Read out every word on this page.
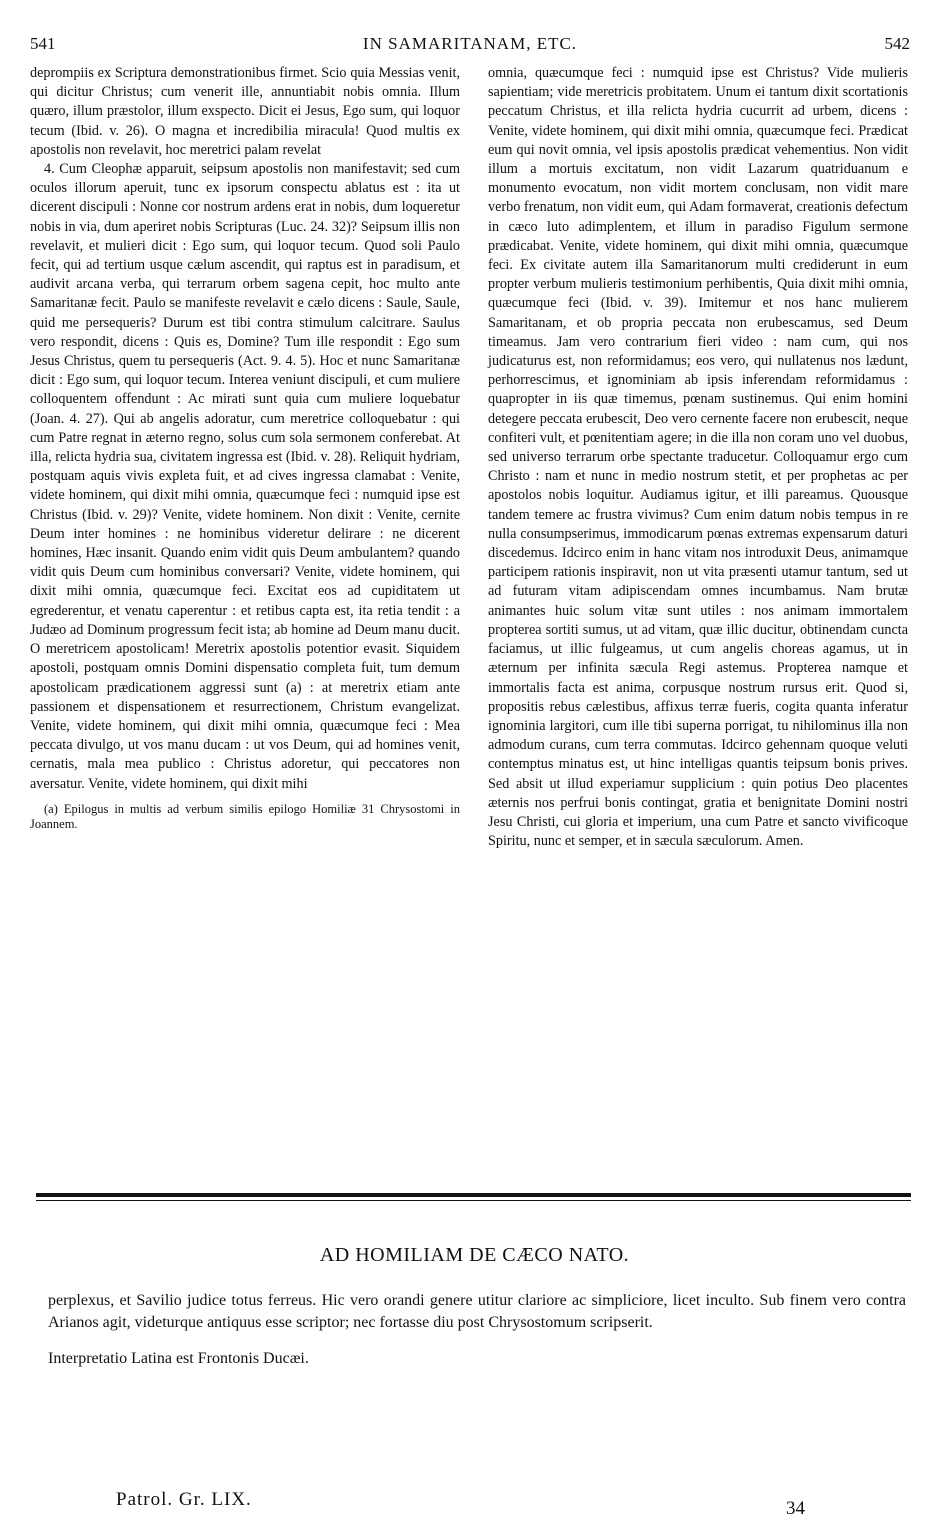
541	IN SAMARITANAM, ETC.	542

deprompiis ex Scriptura demonstrationibus firmet. Scio quia Messias venit, qui dicitur Christus; cum venerit ille, annuntiabit nobis omnia. Illum quæro, illum præstolor, illum exspecto. Dicit ei Jesus, Ego sum, qui loquor tecum (Ibid. v. 26). O magna et incredibilia miracula! Quod multis ex apostolis non revelavit, hoc meretrici palam revelat

4. Cum Cleophæ apparuit, seipsum apostolis non manifestavit; sed cum oculos illorum aperuit, tunc ex ipsorum conspectu ablatus est : ita ut dicerent discipuli : Nonne cor nostrum ardens erat in nobis, dum loqueretur nobis in via, dum aperiret nobis Scripturas (Luc. 24. 32)? Seipsum illis non revelavit, et mulieri dicit : Ego sum, qui loquor tecum. Quod soli Paulo fecit, qui ad tertium usque cælum ascendit, qui raptus est in paradisum, et audivit arcana verba, qui terrarum orbem sagena cepit, hoc multo ante Samaritanæ fecit. Paulo se manifeste revelavit e cælo dicens : Saule, Saule, quid me persequeris? Durum est tibi contra stimulum calcitrare. Saulus vero respondit, dicens : Quis es, Domine? Tum ille respondit : Ego sum Jesus Christus, quem tu persequeris (Act. 9. 4. 5). Hoc et nunc Samaritanæ dicit : Ego sum, qui loquor tecum. Interea veniunt discipuli, et cum muliere colloquentem offendunt : Ac mirati sunt quia cum muliere loquebatur (Joan. 4. 27). Qui ab angelis adoratur, cum meretrice colloquebatur : qui cum Patre regnat in æterno regno, solus cum sola sermonem conferebat. At illa, relicta hydria sua, civitatem ingressa est (Ibid. v. 28). Reliquit hydriam, postquam aquis vivis expleta fuit, et ad cives ingressa clamabat : Venite, videte hominem, qui dixit mihi omnia, quæcumque feci : numquid ipse est Christus (Ibid. v. 29)? Venite, videte hominem. Non dixit : Venite, cernite Deum inter homines : ne hominibus videretur delirare : ne dicerent homines, Hæc insanit. Quando enim vidit quis Deum ambulantem? quando vidit quis Deum cum hominibus conversari? Venite, videte hominem, qui dixit mihi omnia, quæcumque feci. Excitat eos ad cupiditatem ut egrederentur, et venatu caperentur : et retibus capta est, ita retia tendit : a Judæo ad Dominum progressum fecit ista; ab homine ad Deum manu ducit. O meretricem apostolicam! Meretrix apostolis potentior evasit. Siquidem apostoli, postquam omnis Domini dispensatio completa fuit, tum demum apostolicam prædicationem aggressi sunt (a) : at meretrix etiam ante passionem et dispensationem et resurrectionem, Christum evangelizat. Venite, videte hominem, qui dixit mihi omnia, quæcumque feci : Mea peccata divulgo, ut vos manu ducam : ut vos Deum, qui ad homines venit, cernatis, mala mea publico : Christus adoretur, qui peccatores non aversatur. Venite, videte hominem, qui dixit mihi

(a) Epilogus in multis ad verbum similis epilogo Homiliæ 31 Chrysostomi in Joannem.

omnia, quæcumque feci : numquid ipse est Christus? Vide mulieris sapientiam; vide meretricis probitatem. Unum ei tantum dixit scortationis peccatum Christus, et illa relicta hydria cucurrit ad urbem, dicens : Venite, videte hominem, qui dixit mihi omnia, quæcumque feci. Prædicat eum qui novit omnia, vel ipsis apostolis prædicat vehementius. Non vidit illum a mortuis excitatum, non vidit Lazarum quatriduanum e monumento evocatum, non vidit mortem conclusam, non vidit mare verbo frenatum, non vidit eum, qui Adam formaverat, creationis defectum in cæco luto adimplentem, et illum in paradiso Figulum sermone prædicabat. Venite, videte hominem, qui dixit mihi omnia, quæcumque feci. Ex civitate autem illa Samaritanorum multi crediderunt in eum propter verbum mulieris testimonium perhibentis, Quia dixit mihi omnia, quæcumque feci (Ibid. v. 39). Imitemur et nos hanc mulierem Samaritanam, et ob propria peccata non erubescamus, sed Deum timeamus. Jam vero contrarium fieri video : nam cum, qui nos judicaturus est, non reformidamus; eos vero, qui nullatenus nos lædunt, perhorrescimus, et ignominiam ab ipsis inferendam reformidamus : quapropter in iis quæ timemus, pœnam sustinemus. Qui enim homini detegere peccata erubescit, Deo vero cernente facere non erubescit, neque confiteri vult, et pœnitentiam agere; in die illa non coram uno vel duobus, sed universo terrarum orbe spectante traducetur. Colloquamur ergo cum Christo : nam et nunc in medio nostrum stetit, et per prophetas ac per apostolos nobis loquitur. Audiamus igitur, et illi pareamus. Quousque tandem temere ac frustra vivimus? Cum enim datum nobis tempus in re nulla consumpserimus, immodicarum pœnas extremas expensarum daturi discedemus. Idcirco enim in hanc vitam nos introduxit Deus, animamque participem rationis inspiravit, non ut vita præsenti utamur tantum, sed ut ad futuram vitam adipiscendam omnes incumbamus. Nam brutæ animantes huic solum vitæ sunt utiles : nos animam immortalem propterea sortiti sumus, ut ad vitam, quæ illic ducitur, obtinendam cuncta faciamus, ut illic fulgeamus, ut cum angelis choreas agamus, ut in æternum per infinita sæcula Regi astemus. Propterea namque et immortalis facta est anima, corpusque nostrum rursus erit. Quod si, propositis rebus cælestibus, affixus terræ fueris, cogita quanta inferatur ignominia largitori, cum ille tibi superna porrigat, tu nihilominus illa non admodum curans, cum terra commutas. Idcirco gehennam quoque veluti contemptus minatus est, ut hinc intelligas quantis teipsum bonis prives. Sed absit ut illud experiamur supplicium : quin potius Deo placentes æternis nos perfrui bonis contingat, gratia et benignitate Domini nostri Jesu Christi, cui gloria et imperium, una cum Patre et sancto vivificoque Spiritu, nunc et semper, et in sæcula sæculorum. Amen.

AD HOMILIAM DE CÆCO NATO.

perplexus, et Savilio judice totus ferreus. Hic vero orandi genere utitur clariore ac simpliciore, licet inculto. Sub finem vero contra Arianos agit, videturque antiquus esse scriptor; nec fortasse diu post Chrysostomum scripserit.

Interpretatio Latina est Frontonis Ducæi.

Patrol. Gr. LIX.	34
